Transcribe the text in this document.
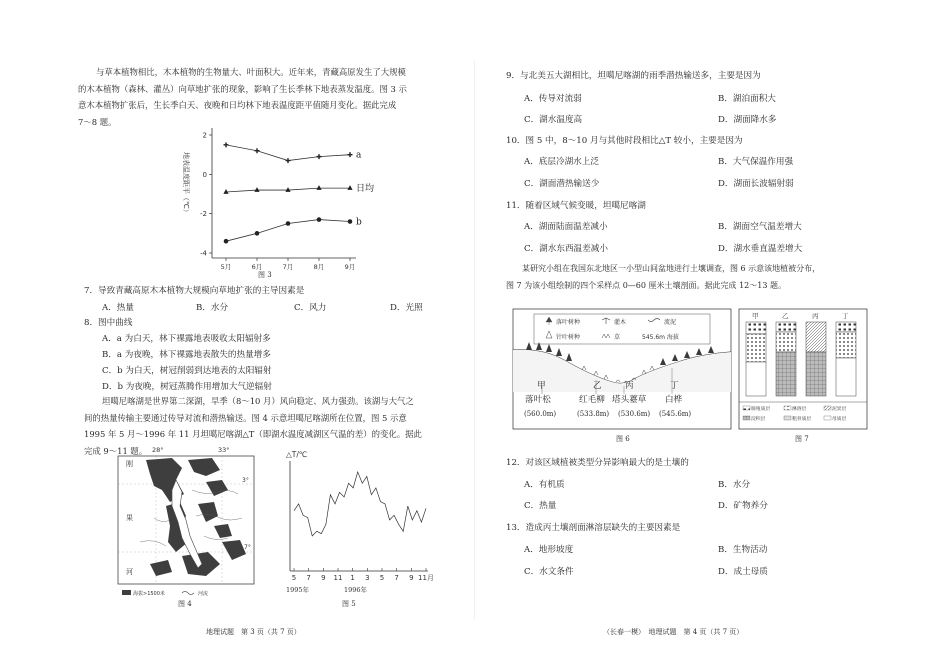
与草本植物相比，木本植物的生物量大、叶面积大。近年来，青藏高原发生了大规模
的木本植物（森林、灌丛）向草地扩张的现象，影响了生长季林下地表蒸发温度。图 3 示
意木本植物扩张后，生长季白天、夜晚和日均林下地表温度距平值随月变化。据此完成
7～8 题。
地表温度距平（℃）
2
0
-2
-4
5月	6月	7月	8月	9月
a
日均
b
图 3
7．导致青藏高原木本植物大规模向草地扩张的主导因素是
A．热量	B．水分	C．风力	D．光照
8．图中曲线
A．a 为白天，林下裸露地表吸收太阳辐射多
B．a 为夜晚，林下裸露地表散失的热量增多
C．b 为白天，树冠削弱到达地表的太阳辐射
D．b 为夜晚，树冠蒸腾作用增加大气逆辐射
坦噶尼喀湖是世界第二深湖，旱季（8～10 月）风向稳定、风力强劲。该湖与大气之
间的热量传输主要通过传导对流和潜热输送。图 4 示意坦噶尼喀湖所在位置，图 5 示意
1995 年 5 月～1996 年 11 月坦噶尼喀湖△T（即湖水温度减湖区气温的差）的变化。据此
完成 9～11 题。 28°	33°
3°
7°
刚
果
河
海拔>1500米	河流
图 4
△T/℃
5 7 9 11 1 3 5 7 9 11月
1995年	1996年
图 5
地理试题　第 3 页（共 7 页）
9．与北美五大湖相比，坦噶尼喀湖的雨季潜热输送多，主要是因为
A．传导对流弱	B．湖泊面积大
C．湖水温度高	D．湖面降水多
10．图 5 中，8～10 月与其他时段相比△T 较小，主要是因为
A．底层冷湖水上泛	B．大气保温作用强
C．湖面潜热输送少	D．湖面长波辐射弱
11．随着区域气候变暖，坦噶尼喀湖
A．湖面陆面温差减小	B．湖面空气温差增大
C．湖水东西温差减小	D．湖水垂直温差增大
某研究小组在我国东北地区一小型山间盆地进行土壤调查，图 6 示意该地植被分布，
图 7 为该小组绘制的四个采样点 0—60 厘米土壤剖面。据此完成 12～13 题。
落叶树种	灌木	流泥
针叶树种	草	545.6m 海拔
甲
落叶松
(560.0m)
乙
红毛柳
(533.8m)
丙
塔头薹草
(530.6m)
丁
白桦
(545.6m)
图 6
甲	乙	丙	丁
腐殖质层	淋溶层	泥炭层
淀积层	粗骨质层	母质层
图 7
12．对该区域植被类型分异影响最大的是土壤的
A．有机质	B．水分
C．热量	D．矿物养分
13．造成丙土壤剖面淋溶层缺失的主要因素是
A．地形坡度	B．生物活动
C．水文条件	D．成土母质
（长春一模）　地理试题　第 4 页（共 7 页）
